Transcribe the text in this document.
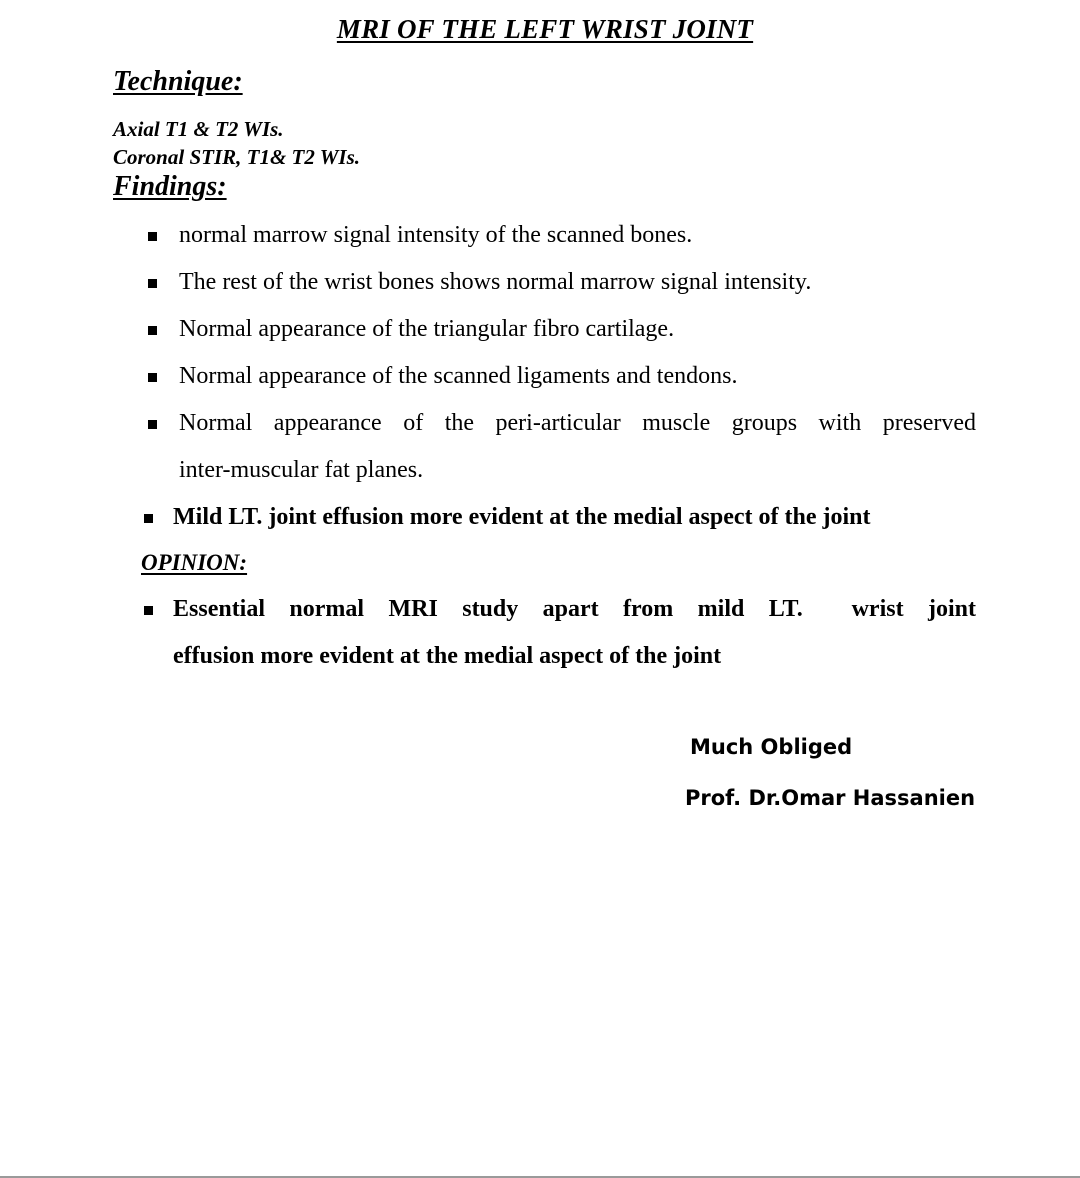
MRI OF THE LEFT WRIST JOINT
Technique:
Axial T1 & T2 WIs.
Coronal STIR, T1& T2 WIs.
Findings:
normal marrow signal intensity of the scanned bones.
The rest of the wrist bones shows normal marrow signal intensity.
Normal appearance of the triangular fibro cartilage.
Normal appearance of the scanned ligaments and tendons.
Normal appearance of the peri-articular muscle groups with preserved
inter-muscular fat planes.
Mild LT. joint effusion more evident at the medial aspect of the joint
OPINION:
Essential normal MRI study apart from mild LT.  wrist joint
effusion more evident at the medial aspect of the joint
Much Obliged
Prof. Dr.Omar Hassanien
